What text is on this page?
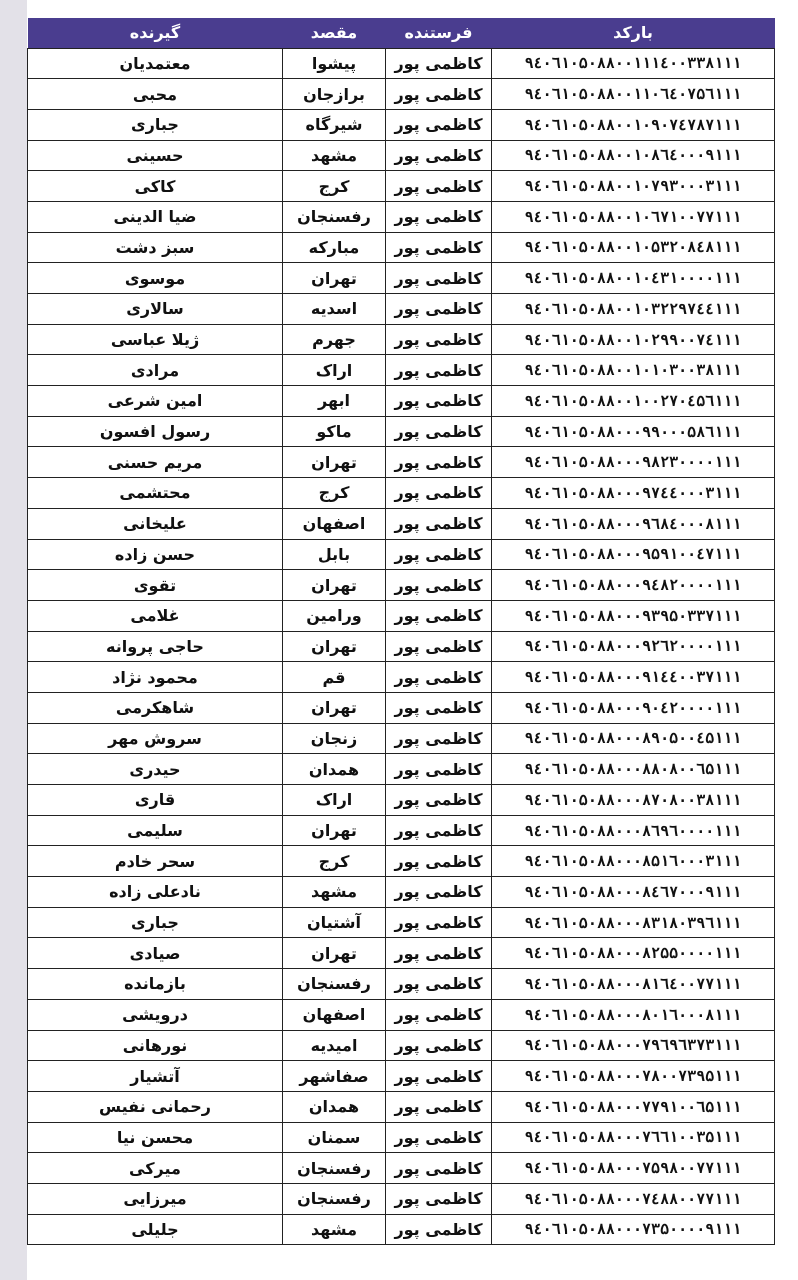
بارکد	فرستنده	مقصد	گیرنده
۹٤۰٦۱۰۵۰۸۸۰۰۱۱۱٤۰۰۳۳۸۱۱۱	کاظمی پور	پیشوا	معتمدیان
۹٤۰٦۱۰۵۰۸۸۰۰۱۱۰٦٤۰۷۵٦۱۱۱	کاظمی پور	برازجان	محبی
۹٤۰٦۱۰۵۰۸۸۰۰۱۰۹۰۷٤۷۸۷۱۱۱	کاظمی پور	شیرگاه	جباری
۹٤۰٦۱۰۵۰۸۸۰۰۱۰۸٦٤۰۰۰۹۱۱۱	کاظمی پور	مشهد	حسینی
۹٤۰٦۱۰۵۰۸۸۰۰۱۰۷۹۳۰۰۰۳۱۱۱	کاظمی پور	کرج	کاکی
۹٤۰٦۱۰۵۰۸۸۰۰۱۰٦۷۱۰۰۷۷۱۱۱	کاظمی پور	رفسنجان	ضیا الدینی
۹٤۰٦۱۰۵۰۸۸۰۰۱۰۵۳۲۰۸٤۸۱۱۱	کاظمی پور	مبارکه	سبز دشت
۹٤۰٦۱۰۵۰۸۸۰۰۱۰٤۳۱۰۰۰۰۱۱۱	کاظمی پور	تهران	موسوی
۹٤۰٦۱۰۵۰۸۸۰۰۱۰۳۲۲۹۷٤٤۱۱۱	کاظمی پور	اسدیه	سالاری
۹٤۰٦۱۰۵۰۸۸۰۰۱۰۲۹۹۰۰۷٤۱۱۱	کاظمی پور	جهرم	ژیلا عباسی
۹٤۰٦۱۰۵۰۸۸۰۰۱۰۱۰۳۰۰۳۸۱۱۱	کاظمی پور	اراک	مرادی
۹٤۰٦۱۰۵۰۸۸۰۰۱۰۰۲۷۰٤۵٦۱۱۱	کاظمی پور	ابهر	امین شرعی
۹٤۰٦۱۰۵۰۸۸۰۰۰۹۹۰۰۰۵۸٦۱۱۱	کاظمی پور	ماکو	رسول افسون
۹٤۰٦۱۰۵۰۸۸۰۰۰۹۸۲۳۰۰۰۰۱۱۱	کاظمی پور	تهران	مریم حسنی
۹٤۰٦۱۰۵۰۸۸۰۰۰۹۷٤٤۰۰۰۳۱۱۱	کاظمی پور	کرج	محتشمی
۹٤۰٦۱۰۵۰۸۸۰۰۰۹٦۸٤۰۰۰۸۱۱۱	کاظمی پور	اصفهان	علیخانی
۹٤۰٦۱۰۵۰۸۸۰۰۰۹۵۹۱۰۰٤۷۱۱۱	کاظمی پور	بابل	حسن زاده
۹٤۰٦۱۰۵۰۸۸۰۰۰۹٤۸۲۰۰۰۰۱۱۱	کاظمی پور	تهران	تقوی
۹٤۰٦۱۰۵۰۸۸۰۰۰۹۳۹۵۰۳۳۷۱۱۱	کاظمی پور	ورامین	غلامی
۹٤۰٦۱۰۵۰۸۸۰۰۰۹۲٦۲۰۰۰۰۱۱۱	کاظمی پور	تهران	حاجی پروانه
۹٤۰٦۱۰۵۰۸۸۰۰۰۹۱٤٤۰۰۳۷۱۱۱	کاظمی پور	قم	محمود نژاد
۹٤۰٦۱۰۵۰۸۸۰۰۰۹۰٤۲۰۰۰۰۱۱۱	کاظمی پور	تهران	شاهکرمی
۹٤۰٦۱۰۵۰۸۸۰۰۰۸۹۰۵۰۰٤۵۱۱۱	کاظمی پور	زنجان	سروش مهر
۹٤۰٦۱۰۵۰۸۸۰۰۰۸۸۰۸۰۰٦۵۱۱۱	کاظمی پور	همدان	حیدری
۹٤۰٦۱۰۵۰۸۸۰۰۰۸۷۰۸۰۰۳۸۱۱۱	کاظمی پور	اراک	قاری
۹٤۰٦۱۰۵۰۸۸۰۰۰۸٦۹٦۰۰۰۰۱۱۱	کاظمی پور	تهران	سلیمی
۹٤۰٦۱۰۵۰۸۸۰۰۰۸۵۱٦۰۰۰۳۱۱۱	کاظمی پور	کرج	سحر خادم
۹٤۰٦۱۰۵۰۸۸۰۰۰۸٤٦۷۰۰۰۹۱۱۱	کاظمی پور	مشهد	نادعلی زاده
۹٤۰٦۱۰۵۰۸۸۰۰۰۸۳۱۸۰۳۹٦۱۱۱	کاظمی پور	آشتیان	جباری
۹٤۰٦۱۰۵۰۸۸۰۰۰۸۲۵۵۰۰۰۰۱۱۱	کاظمی پور	تهران	صیادی
۹٤۰٦۱۰۵۰۸۸۰۰۰۸۱٦٤۰۰۷۷۱۱۱	کاظمی پور	رفسنجان	بازمانده
۹٤۰٦۱۰۵۰۸۸۰۰۰۸۰۱٦۰۰۰۸۱۱۱	کاظمی پور	اصفهان	درویشی
۹٤۰٦۱۰۵۰۸۸۰۰۰۷۹٦۹٦۳۷۳۱۱۱	کاظمی پور	امیدیه	نورهانی
۹٤۰٦۱۰۵۰۸۸۰۰۰۷۸۰۰۷۳۹۵۱۱۱	کاظمی پور	صفاشهر	آتشیار
۹٤۰٦۱۰۵۰۸۸۰۰۰۷۷۹۱۰۰٦۵۱۱۱	کاظمی پور	همدان	رحمانی نفیس
۹٤۰٦۱۰۵۰۸۸۰۰۰۷٦٦۱۰۰۳۵۱۱۱	کاظمی پور	سمنان	محسن نیا
۹٤۰٦۱۰۵۰۸۸۰۰۰۷۵۹۸۰۰۷۷۱۱۱	کاظمی پور	رفسنجان	میرکی
۹٤۰٦۱۰۵۰۸۸۰۰۰۷٤۸۸۰۰۷۷۱۱۱	کاظمی پور	رفسنجان	میرزایی
۹٤۰٦۱۰۵۰۸۸۰۰۰۷۳۵۰۰۰۰۹۱۱۱	کاظمی پور	مشهد	جلیلی
